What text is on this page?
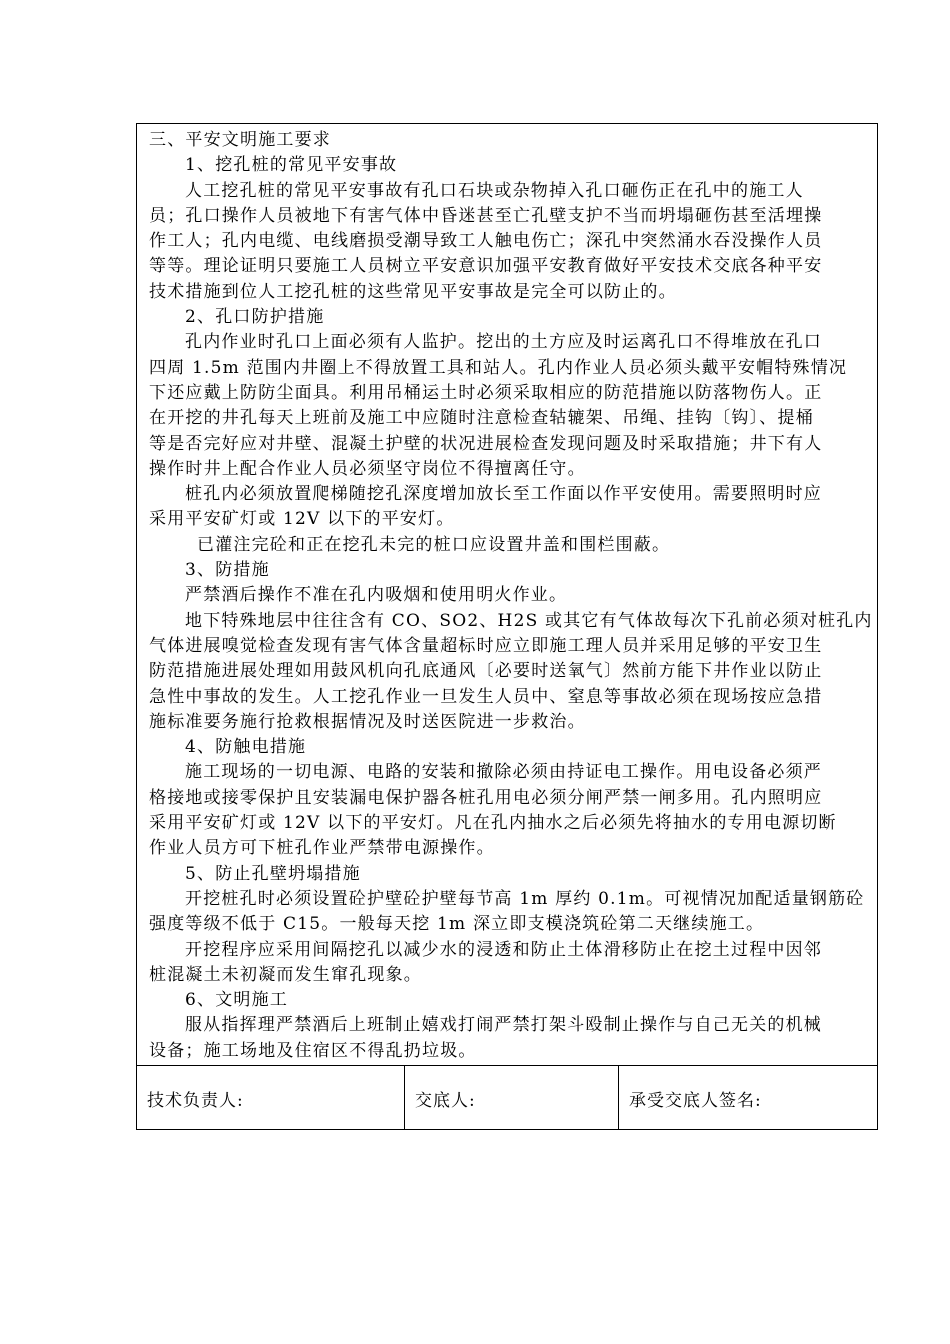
三、平安文明施工要求
1、挖孔桩的常见平安事故
人工挖孔桩的常见平安事故有孔口石块或杂物掉入孔口砸伤正在孔中的施工人
员；孔口操作人员被地下有害气体中昏迷甚至亡孔壁支护不当而坍塌砸伤甚至活埋操
作工人；孔内电缆、电线磨损受潮导致工人触电伤亡；深孔中突然涌水吞没操作人员
等等。理论证明只要施工人员树立平安意识加强平安教育做好平安技术交底各种平安
技术措施到位人工挖孔桩的这些常见平安事故是完全可以防止的。
2、孔口防护措施
孔内作业时孔口上面必须有人监护。挖出的土方应及时运离孔口不得堆放在孔口
四周 1.5m 范围内井圈上不得放置工具和站人。孔内作业人员必须头戴平安帽特殊情况
下还应戴上防防尘面具。利用吊桶运土时必须采取相应的防范措施以防落物伤人。正
在开挖的井孔每天上班前及施工中应随时注意检查轱辘架、吊绳、挂钩〔钩〕、提桶
等是否完好应对井壁、混凝土护壁的状况进展检查发现问题及时采取措施；井下有人
操作时井上配合作业人员必须坚守岗位不得擅离任守。
桩孔内必须放置爬梯随挖孔深度增加放长至工作面以作平安使用。需要照明时应
采用平安矿灯或 12V 以下的平安灯。
已灌注完砼和正在挖孔未完的桩口应设置井盖和围栏围蔽。
3、防措施
严禁酒后操作不准在孔内吸烟和使用明火作业。
地下特殊地层中往往含有 CO、SO2、H2S 或其它有气体故每次下孔前必须对桩孔内
气体进展嗅觉检查发现有害气体含量超标时应立即施工理人员并采用足够的平安卫生
防范措施进展处理如用鼓风机向孔底通风〔必要时送氧气〕然前方能下井作业以防止
急性中事故的发生。人工挖孔作业一旦发生人员中、窒息等事故必须在现场按应急措
施标准要务施行抢救根据情况及时送医院进一步救治。
4、防触电措施
施工现场的一切电源、电路的安装和撤除必须由持证电工操作。用电设备必须严
格接地或接零保护且安装漏电保护器各桩孔用电必须分闸严禁一闸多用。孔内照明应
采用平安矿灯或 12V 以下的平安灯。凡在孔内抽水之后必须先将抽水的专用电源切断
作业人员方可下桩孔作业严禁带电源操作。
5、防止孔壁坍塌措施
开挖桩孔时必须设置砼护壁砼护壁每节高 1m 厚约 0.1m。可视情况加配适量钢筋砼
强度等级不低于 C15。一般每天挖 1m 深立即支模浇筑砼第二天继续施工。
开挖程序应采用间隔挖孔以减少水的浸透和防止土体滑移防止在挖土过程中因邻
桩混凝土未初凝而发生窜孔现象。
6、文明施工
服从指挥理严禁酒后上班制止嬉戏打闹严禁打架斗殴制止操作与自己无关的机械
设备；施工场地及住宿区不得乱扔垃圾。
技术负责人:	交底人:	承受交底人签名:
